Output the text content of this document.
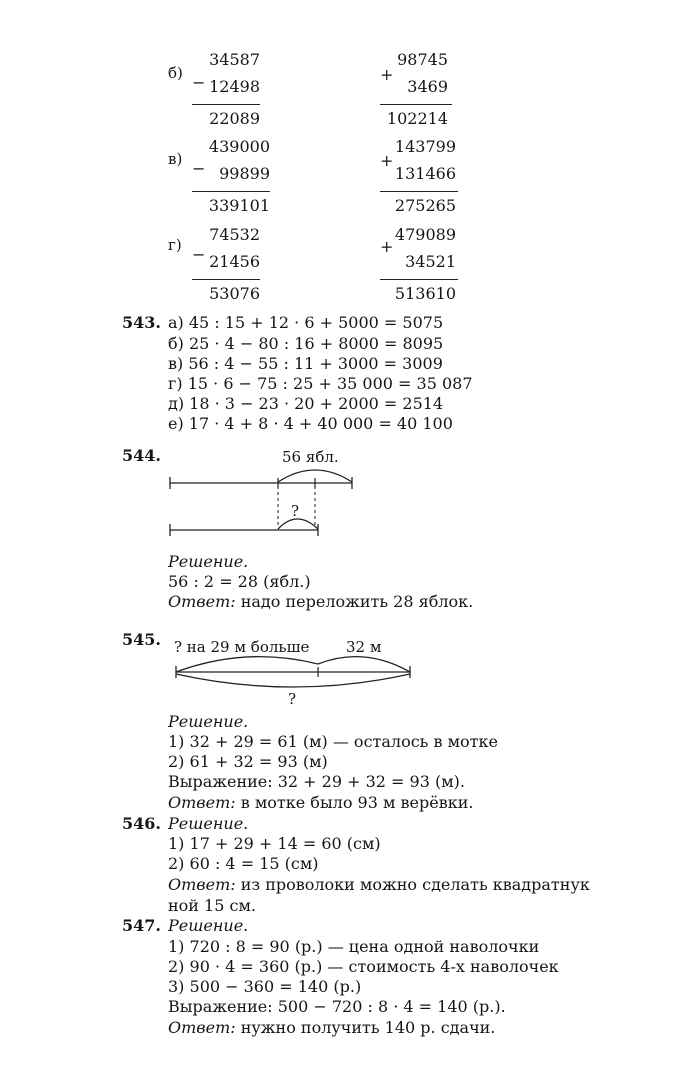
б) −
34587
12498
22089
+
98745
3469
102214
в) −
439000
99899
339101
+
143799
131466
275265
г) −
74532
21456
53076
+
479089
34521
513610
543. а) 45 : 15 + 12 · 6 + 5000 = 5075
б) 25 · 4 − 80 : 16 + 8000 = 8095
в) 56 : 4 − 55 : 11 + 3000 = 3009
г) 15 · 6 − 75 : 25 + 35 000 = 35 087
д) 18 · 3 − 23 · 20 + 2000 = 2514
е) 17 · 4 + 8 · 4 + 40 000 = 40 100
544.	56 ябл.
?
Решение.
56 : 2 = 28 (ябл.)
Ответ: надо переложить 28 яблок.
545. ? на 29 м больше 32 м
?
Решение.
1) 32 + 29 = 61 (м) — осталось в мотке
2) 61 + 32 = 93 (м)
Выражение: 32 + 29 + 32 = 93 (м).
Ответ: в мотке было 93 м верёвки.
546. Решение.
1) 17 + 29 + 14 = 60 (см)
2) 60 : 4 = 15 (см)
Ответ: из проволоки можно сделать квадратнук
ной 15 см.
547. Решение.
1) 720 : 8 = 90 (р.) — цена одной наволочки
2) 90 · 4 = 360 (р.) — стоимость 4-х наволочек
3) 500 − 360 = 140 (р.)
Выражение: 500 − 720 : 8 · 4 = 140 (р.).
Ответ: нужно получить 140 р. сдачи.
